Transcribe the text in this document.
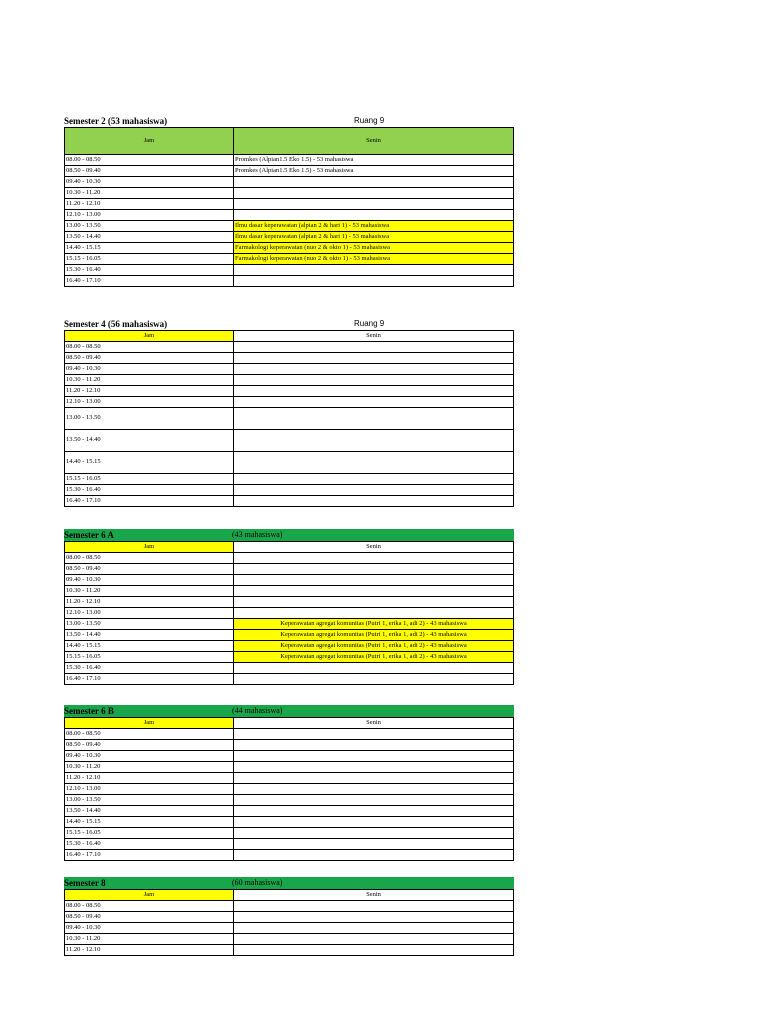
Semester 2 (53 mahasiswa)	Ruang 9
Jam	Senin
08.00 - 08.50	Promkes (Alpian1.5 Eko 1.5) - 53 mahasiswa
08.50 - 09.40	Promkes (Alpian1.5 Eko 1.5) - 53 mahasiswa
09.40 - 10.30	
10.30 - 11.20	
11.20 - 12.10	
12.10 - 13.00	
13.00 - 13.50	Ilmu dasar keperawatan (alpian 2 & hari 1) - 53 mahasiswa
13.50 - 14.40	Ilmu dasar keperawatan (alpian 2 & hari 1) - 53 mahasiswa
14.40 - 15.15	Farmakologi keperawatan (nuo 2 & okto 1) - 53 mahasiswa
15.15 - 16.05	Farmakologi keperawatan (nuo 2 & okto 1) - 53 mahasiswa
15.30 - 16.40	
16.40 - 17.10	
Semester 4 (56 mahasiswa)	Ruang 9
Jam	Senin
08.00 - 08.50	
08.50 - 09.40	
09.40 - 10.30	
10.30 - 11.20	
11.20 - 12.10	
12.10 - 13.00	
13.00 - 13.50	
13.50 - 14.40	
14.40 - 15.15	
15.15 - 16.05	
15.30 - 16.40	
16.40 - 17.10	
Semester 6 A	(43 mahasiswa)
Jam	Senin
08.00 - 08.50	
08.50 - 09.40	
09.40 - 10.30	
10.30 - 11.20	
11.20 - 12.10	
12.10 - 13.00	
13.00 - 13.50	Keperawatan agregat komunitas (Putri 1, erika 1, adi 2) - 43 mahasiswa
13.50 - 14.40	Keperawatan agregat komunitas (Putri 1, erika 1, adi 2) - 43 mahasiswa
14.40 - 15.15	Keperawatan agregat komunitas (Putri 1, erika 1, adi 2) - 43 mahasiswa
15.15 - 16.05	Keperawatan agregat komunitas (Putri 1, erika 1, adi 2) - 43 mahasiswa
15.30 - 16.40	
16.40 - 17.10	
Semester 6 B	(44 mahasiswa)
Jam	Senin
08.00 - 08.50	
08.50 - 09.40	
09.40 - 10.30	
10.30 - 11.20	
11.20 - 12.10	
12.10 - 13.00	
13.00 - 13.50	
13.50 - 14.40	
14.40 - 15.15	
15.15 - 16.05	
15.30 - 16.40	
16.40 - 17.10	
Semester 8	(60 mahasiswa)
Jam	Senin
08.00 - 08.50	
08.50 - 09.40	
09.40 - 10.30	
10.30 - 11.20	
11.20 - 12.10	
